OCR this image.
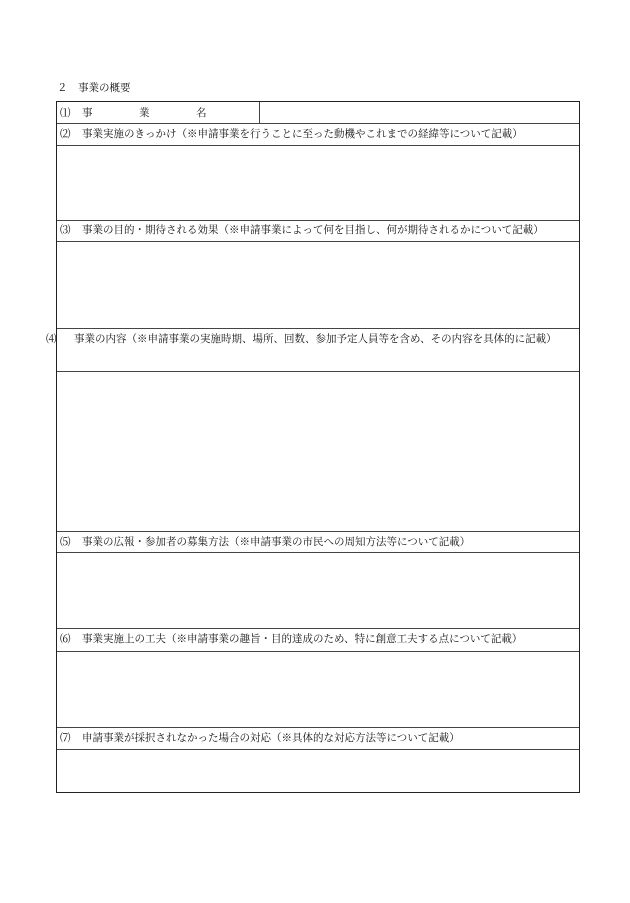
２　事業の概要
⑴ 事　業　名
⑵ 事業実施のきっかけ（※申請事業を行うことに至った動機やこれまでの経緯等について記載）
⑶ 事業の目的・期待される効果（※申請事業によって何を目指し、何が期待されるかについて記載）
⑷ 事業の内容（※申請事業の実施時期、場所、回数、参加予定人員等を含め、その内容を具体的に記載）
⑸ 事業の広報・参加者の募集方法（※申請事業の市民への周知方法等について記載）
⑹ 事業実施上の工夫（※申請事業の趣旨・目的達成のため、特に創意工夫する点について記載）
⑺ 申請事業が採択されなかった場合の対応（※具体的な対応方法等について記載）
